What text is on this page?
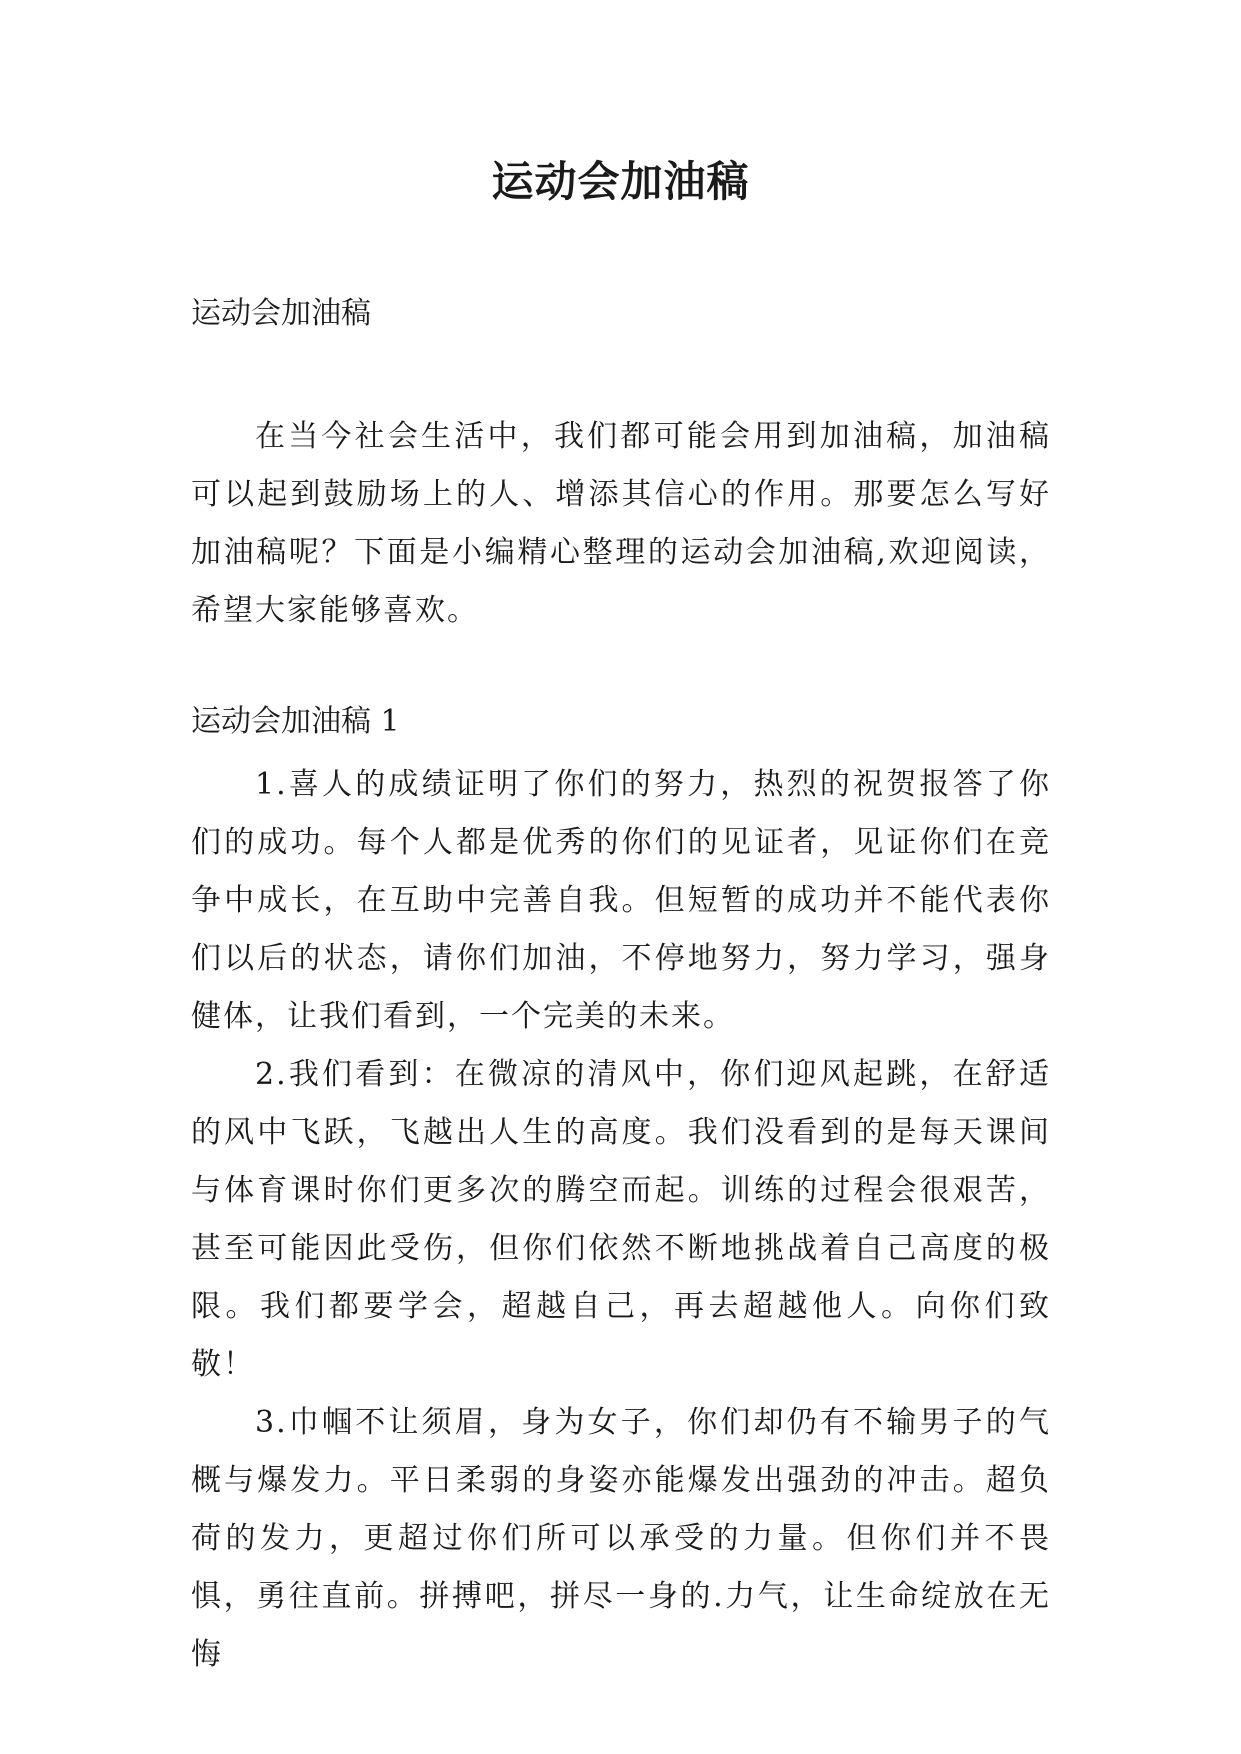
运动会加油稿

运动会加油稿

在当今社会生活中，我们都可能会用到加油稿，加油稿可以起到鼓励场上的人、增添其信心的作用。那要怎么写好加油稿呢？下面是小编精心整理的运动会加油稿,欢迎阅读，希望大家能够喜欢。

运动会加油稿 1

1.喜人的成绩证明了你们的努力，热烈的祝贺报答了你们的成功。每个人都是优秀的你们的见证者，见证你们在竞争中成长，在互助中完善自我。但短暂的成功并不能代表你们以后的状态，请你们加油，不停地努力，努力学习，强身健体，让我们看到，一个完美的未来。

2.我们看到：在微凉的清风中，你们迎风起跳，在舒适的风中飞跃，飞越出人生的高度。我们没看到的是每天课间与体育课时你们更多次的腾空而起。训练的过程会很艰苦，甚至可能因此受伤，但你们依然不断地挑战着自己高度的极限。我们都要学会，超越自己，再去超越他人。向你们致敬！

3.巾帼不让须眉，身为女子，你们却仍有不输男子的气概与爆发力。平日柔弱的身姿亦能爆发出强劲的冲击。超负荷的发力，更超过你们所可以承受的力量。但你们并不畏惧，勇往直前。拼搏吧，拼尽一身的.力气，让生命绽放在无悔
